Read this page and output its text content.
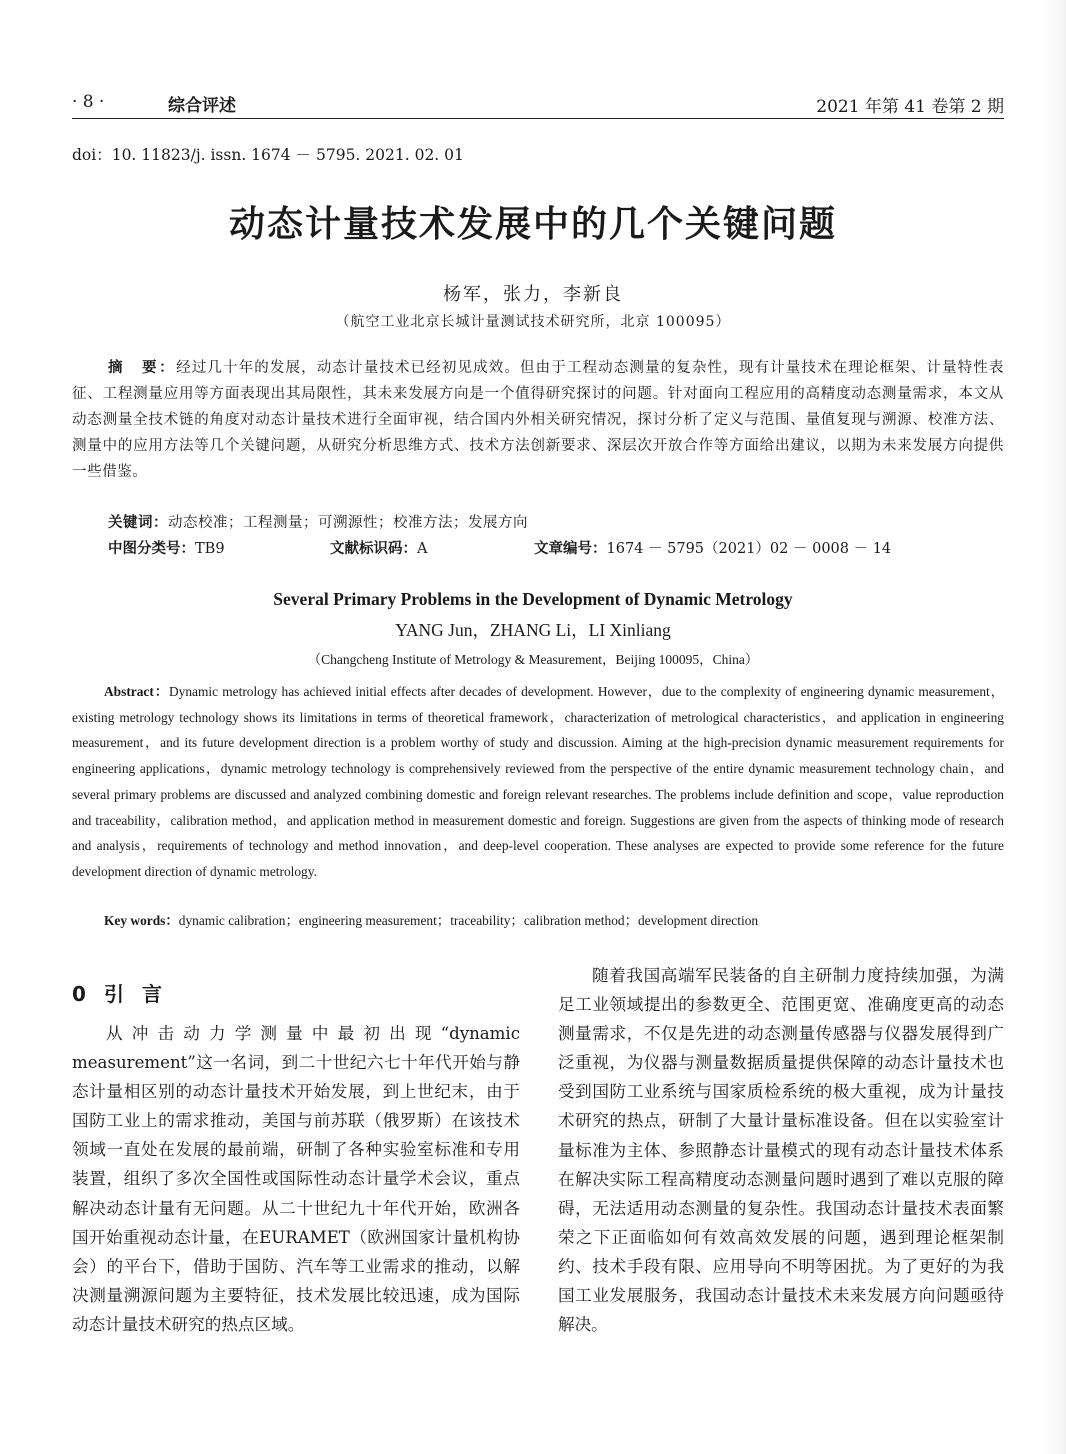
· 8 ·	综合评述	2021 年第 41 卷第 2 期
doi：10. 11823/j. issn. 1674 － 5795. 2021. 02. 01
动态计量技术发展中的几个关键问题
杨军，张力，李新良
（航空工业北京长城计量测试技术研究所，北京 100095）
摘　要：经过几十年的发展，动态计量技术已经初见成效。但由于工程动态测量的复杂性，现有计量技术在理论框架、计量特性表征、工程测量应用等方面表现出其局限性，其未来发展方向是一个值得研究探讨的问题。针对面向工程应用的高精度动态测量需求，本文从动态测量全技术链的角度对动态计量技术进行全面审视，结合国内外相关研究情况，探讨分析了定义与范围、量值复现与溯源、校准方法、测量中的应用方法等几个关键问题，从研究分析思维方式、技术方法创新要求、深层次开放合作等方面给出建议，以期为未来发展方向提供一些借鉴。
关键词：动态校准；工程测量；可溯源性；校准方法；发展方向
中图分类号：TB9	文献标识码：A	文章编号：1674 － 5795（2021）02 － 0008 － 14
Several Primary Problems in the Development of Dynamic Metrology
YANG Jun，ZHANG Li，LI Xinliang
（Changcheng Institute of Metrology & Measurement，Beijing 100095，China）
Abstract：Dynamic metrology has achieved initial effects after decades of development. However，due to the complexity of engineering dynamic measurement，existing metrology technology shows its limitations in terms of theoretical framework，characterization of metrological characteristics，and application in engineering measurement，and its future development direction is a problem worthy of study and discussion. Aiming at the high-precision dynamic measurement requirements for engineering applications，dynamic metrology technology is comprehensively reviewed from the perspective of the entire dynamic measurement technology chain，and several primary problems are discussed and analyzed combining domestic and foreign relevant researches. The problems include definition and scope，value reproduction and traceability，calibration method，and application method in measurement domestic and foreign. Suggestions are given from the aspects of thinking mode of research and analysis，requirements of technology and method innovation，and deep-level cooperation. These analyses are expected to provide some reference for the future development direction of dynamic metrology.
Key words：dynamic calibration；engineering measurement；traceability；calibration method；development direction
0 引言
从冲击动力学测量中最初出现“dynamic measurement”这一名词，到二十世纪六七十年代开始与静态计量相区别的动态计量技术开始发展，到上世纪末，由于国防工业上的需求推动，美国与前苏联（俄罗斯）在该技术领域一直处在发展的最前端，研制了各种实验室标准和专用装置，组织了多次全国性或国际性动态计量学术会议，重点解决动态计量有无问题。从二十世纪九十年代开始，欧洲各国开始重视动态计量，在EURAMET（欧洲国家计量机构协会）的平台下，借助于国防、汽车等工业需求的推动，以解决测量溯源问题为主要特征，技术发展比较迅速，成为国际动态计量技术研究的热点区域。
随着我国高端军民装备的自主研制力度持续加强，为满足工业领域提出的参数更全、范围更宽、准确度更高的动态测量需求，不仅是先进的动态测量传感器与仪器发展得到广泛重视，为仪器与测量数据质量提供保障的动态计量技术也受到国防工业系统与国家质检系统的极大重视，成为计量技术研究的热点，研制了大量计量标准设备。但在以实验室计量标准为主体、参照静态计量模式的现有动态计量技术体系在解决实际工程高精度动态测量问题时遇到了难以克服的障碍，无法适用动态测量的复杂性。我国动态计量技术表面繁荣之下正面临如何有效高效发展的问题，遇到理论框架制约、技术手段有限、应用导向不明等困扰。为了更好的为我国工业发展服务，我国动态计量技术未来发展方向问题亟待解决。
